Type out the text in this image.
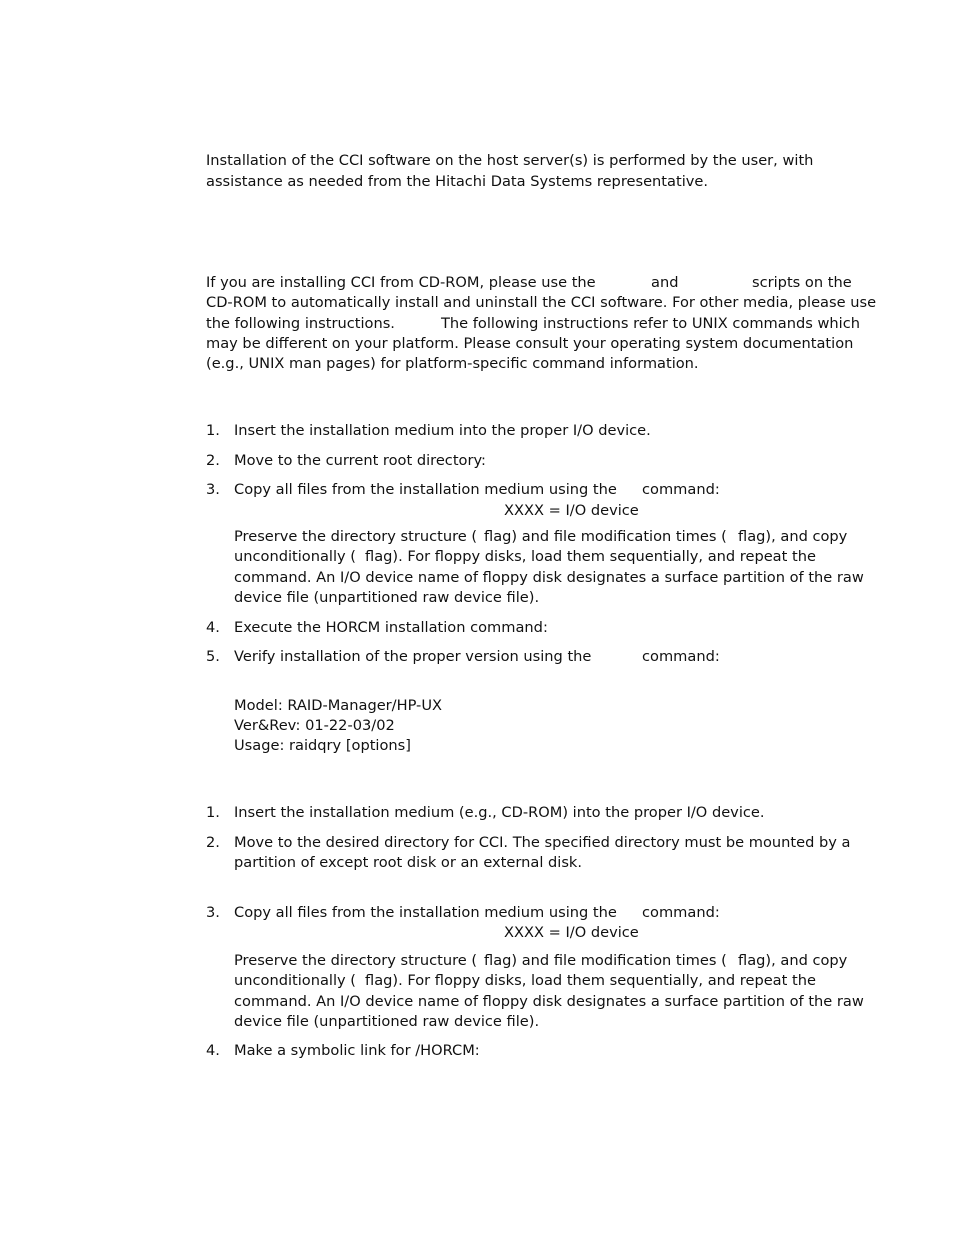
Installation of the CCI software on the host server(s) is performed by the user, with
assistance as needed from the Hitachi Data Systems representative.
If you are installing CCI from CD-ROM, please use the	and	scripts on the
CD-ROM to automatically install and uninstall the CCI software. For other media, please use
the following instructions.	The following instructions refer to UNIX commands which
may be different on your platform. Please consult your operating system documentation
(e.g., UNIX man pages) for platform-specific command information.
1. Insert the installation medium into the proper I/O device.
2. Move to the current root directory:
3. Copy all files from the installation medium using the command:
XXXX = I/O device
Preserve the directory structure ( flag) and file modification times ( flag), and copy
unconditionally ( flag). For floppy disks, load them sequentially, and repeat the
command. An I/O device name of floppy disk designates a surface partition of the raw
device file (unpartitioned raw device file).
4. Execute the HORCM installation command:
5. Verify installation of the proper version using the	command:
Model: RAID-Manager/HP-UX
Ver&Rev: 01-22-03/02
Usage: raidqry [options]
1. Insert the installation medium (e.g., CD-ROM) into the proper I/O device.
2. Move to the desired directory for CCI. The specified directory must be mounted by a
partition of except root disk or an external disk.
3. Copy all files from the installation medium using the command:
XXXX = I/O device
Preserve the directory structure ( flag) and file modification times ( flag), and copy
unconditionally ( flag). For floppy disks, load them sequentially, and repeat the
command. An I/O device name of floppy disk designates a surface partition of the raw
device file (unpartitioned raw device file).
4. Make a symbolic link for /HORCM:
